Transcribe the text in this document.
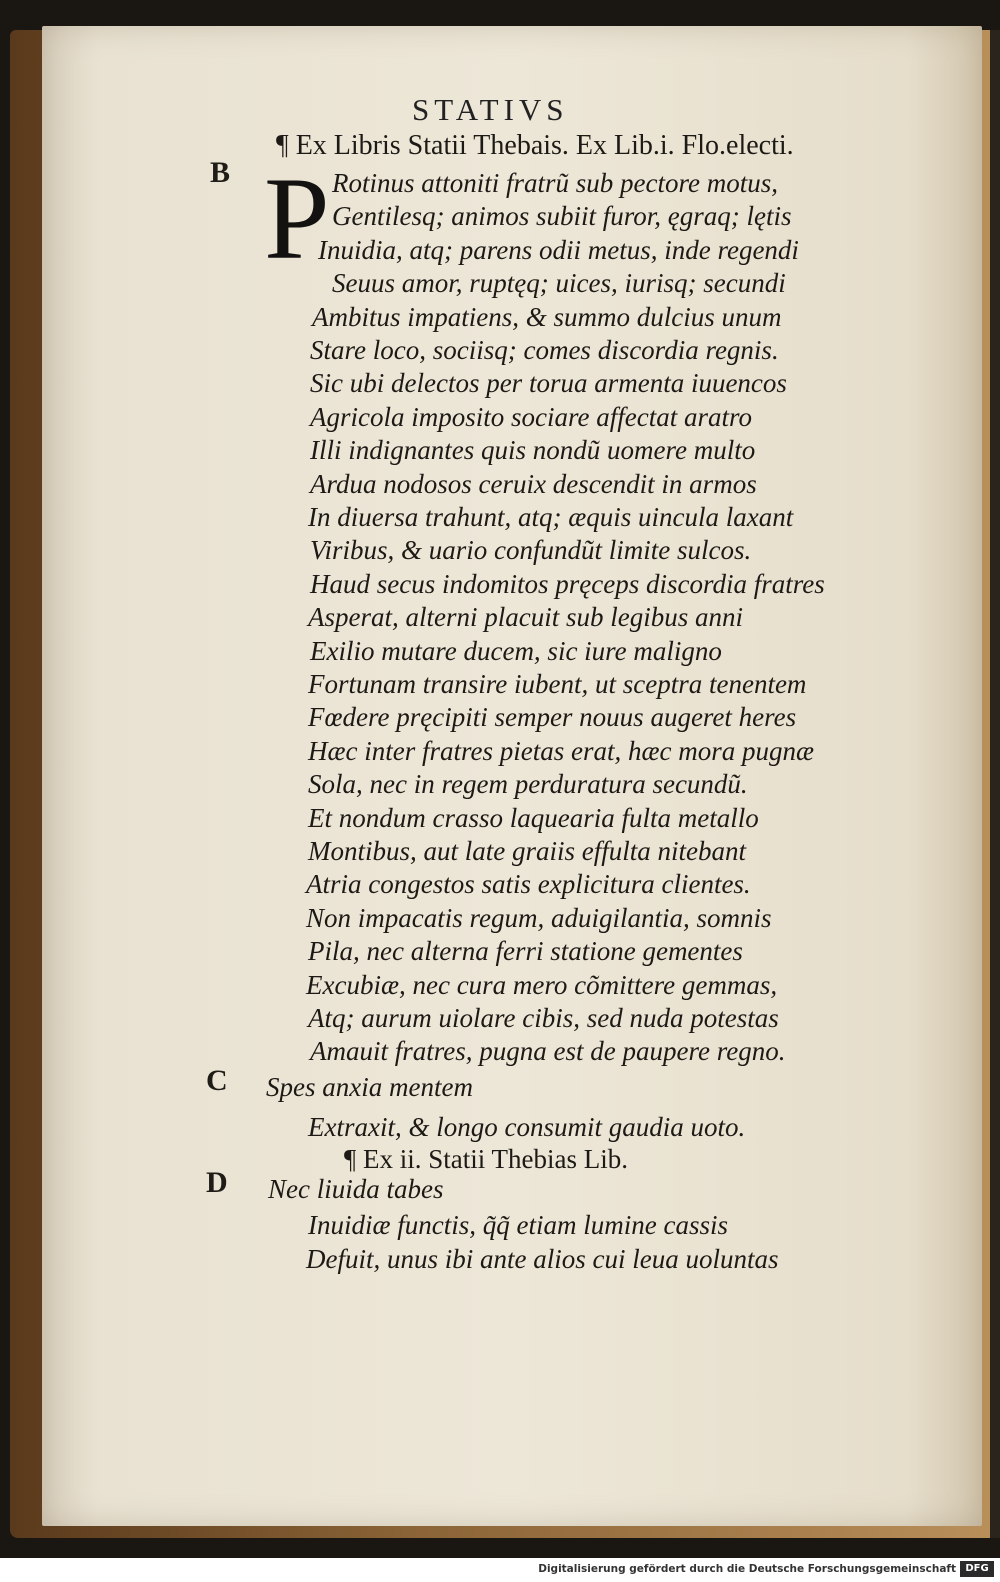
STATIVS
¶ Ex Libris Statii Thebais. Ex Lib.i. Flo.electi.
B P Rotinus attoniti fratrũ sub pectore motus,
Gentilesq; animos subiit furor, ęgraq; lętis
Inuidia, atq; parens odii metus, inde regendi
Seuus amor, ruptęq; uices, iurisq; secundi
Ambitus impatiens, & summo dulcius unum
Stare loco, sociisq; comes discordia regnis.
Sic ubi delectos per torua armenta iuuencos
Agricola imposito sociare affectat aratro
Illi indignantes quis nondũ uomere multo
Ardua nodosos ceruix descendit in armos
In diuersa trahunt, atq; æquis uincula laxant
Viribus, & uario confundũt limite sulcos.
Haud secus indomitos pręceps discordia fratres
Asperat, alterni placuit sub legibus anni
Exilio mutare ducem, sic iure maligno
Fortunam transire iubent, ut sceptra tenentem
Fœdere pręcipiti semper nouus augeret heres
Hæc inter fratres pietas erat, hæc mora pugnæ
Sola, nec in regem perduratura secundũ.
Et nondum crasso laquearia fulta metallo
Montibus, aut late graiis effulta nitebant
Atria congestos satis explicitura clientes.
Non impacatis regum, aduigilantia, somnis
Pila, nec alterna ferri statione gementes
Excubiæ, nec cura mero cõmittere gemmas,
Atq; aurum uiolare cibis, sed nuda potestas
Amauit fratres, pugna est de paupere regno.
C Spes anxia mentem
Extraxit, & longo consumit gaudia uoto.
¶ Ex ii. Statii Thebias Lib.
D Nec liuida tabes
Inuidiæ functis, q̃q̃ etiam lumine cassis
Defuit, unus ibi ante alios cui leua uoluntas
Digitalisierung gefördert durch die Deutsche Forschungsgemeinschaft DFG
